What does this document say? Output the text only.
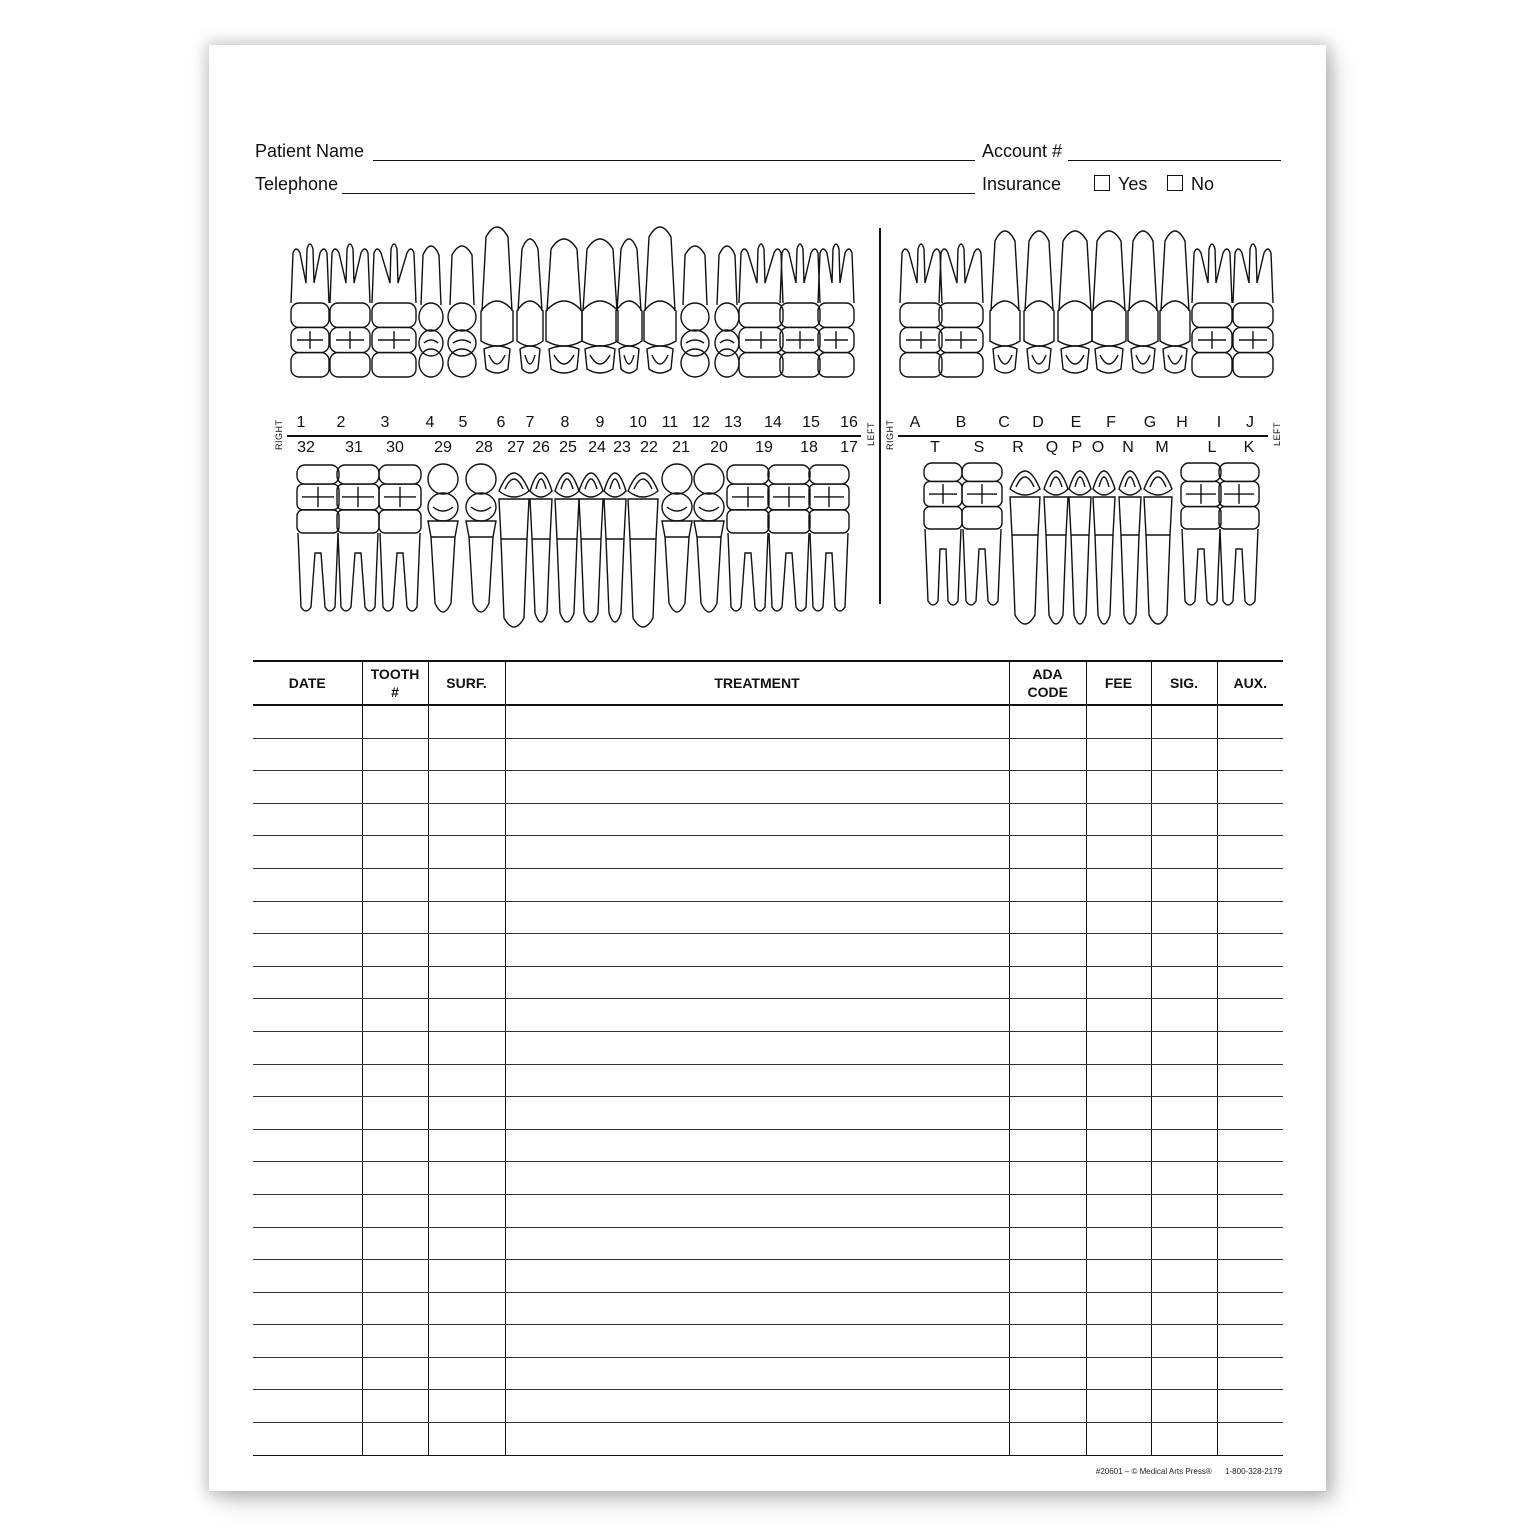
Patient Name	Account #
Telephone	Insurance	Yes No
RIGHT	LEFT RIGHT	LEFT
1 2 3 4 5 6 7 8 9 10 11 12 13 14 15 16
32 31 30 29 28 27 26 25 24 23 22 21 20 19 18 17
A B C D E F G H I J
T S R Q P O N M L K
DATE	TOOTH #	SURF.	TREATMENT	ADA CODE	FEE	SIG.	AUX.

#20601 – © Medical Arts Press® 1-800-328-2179
